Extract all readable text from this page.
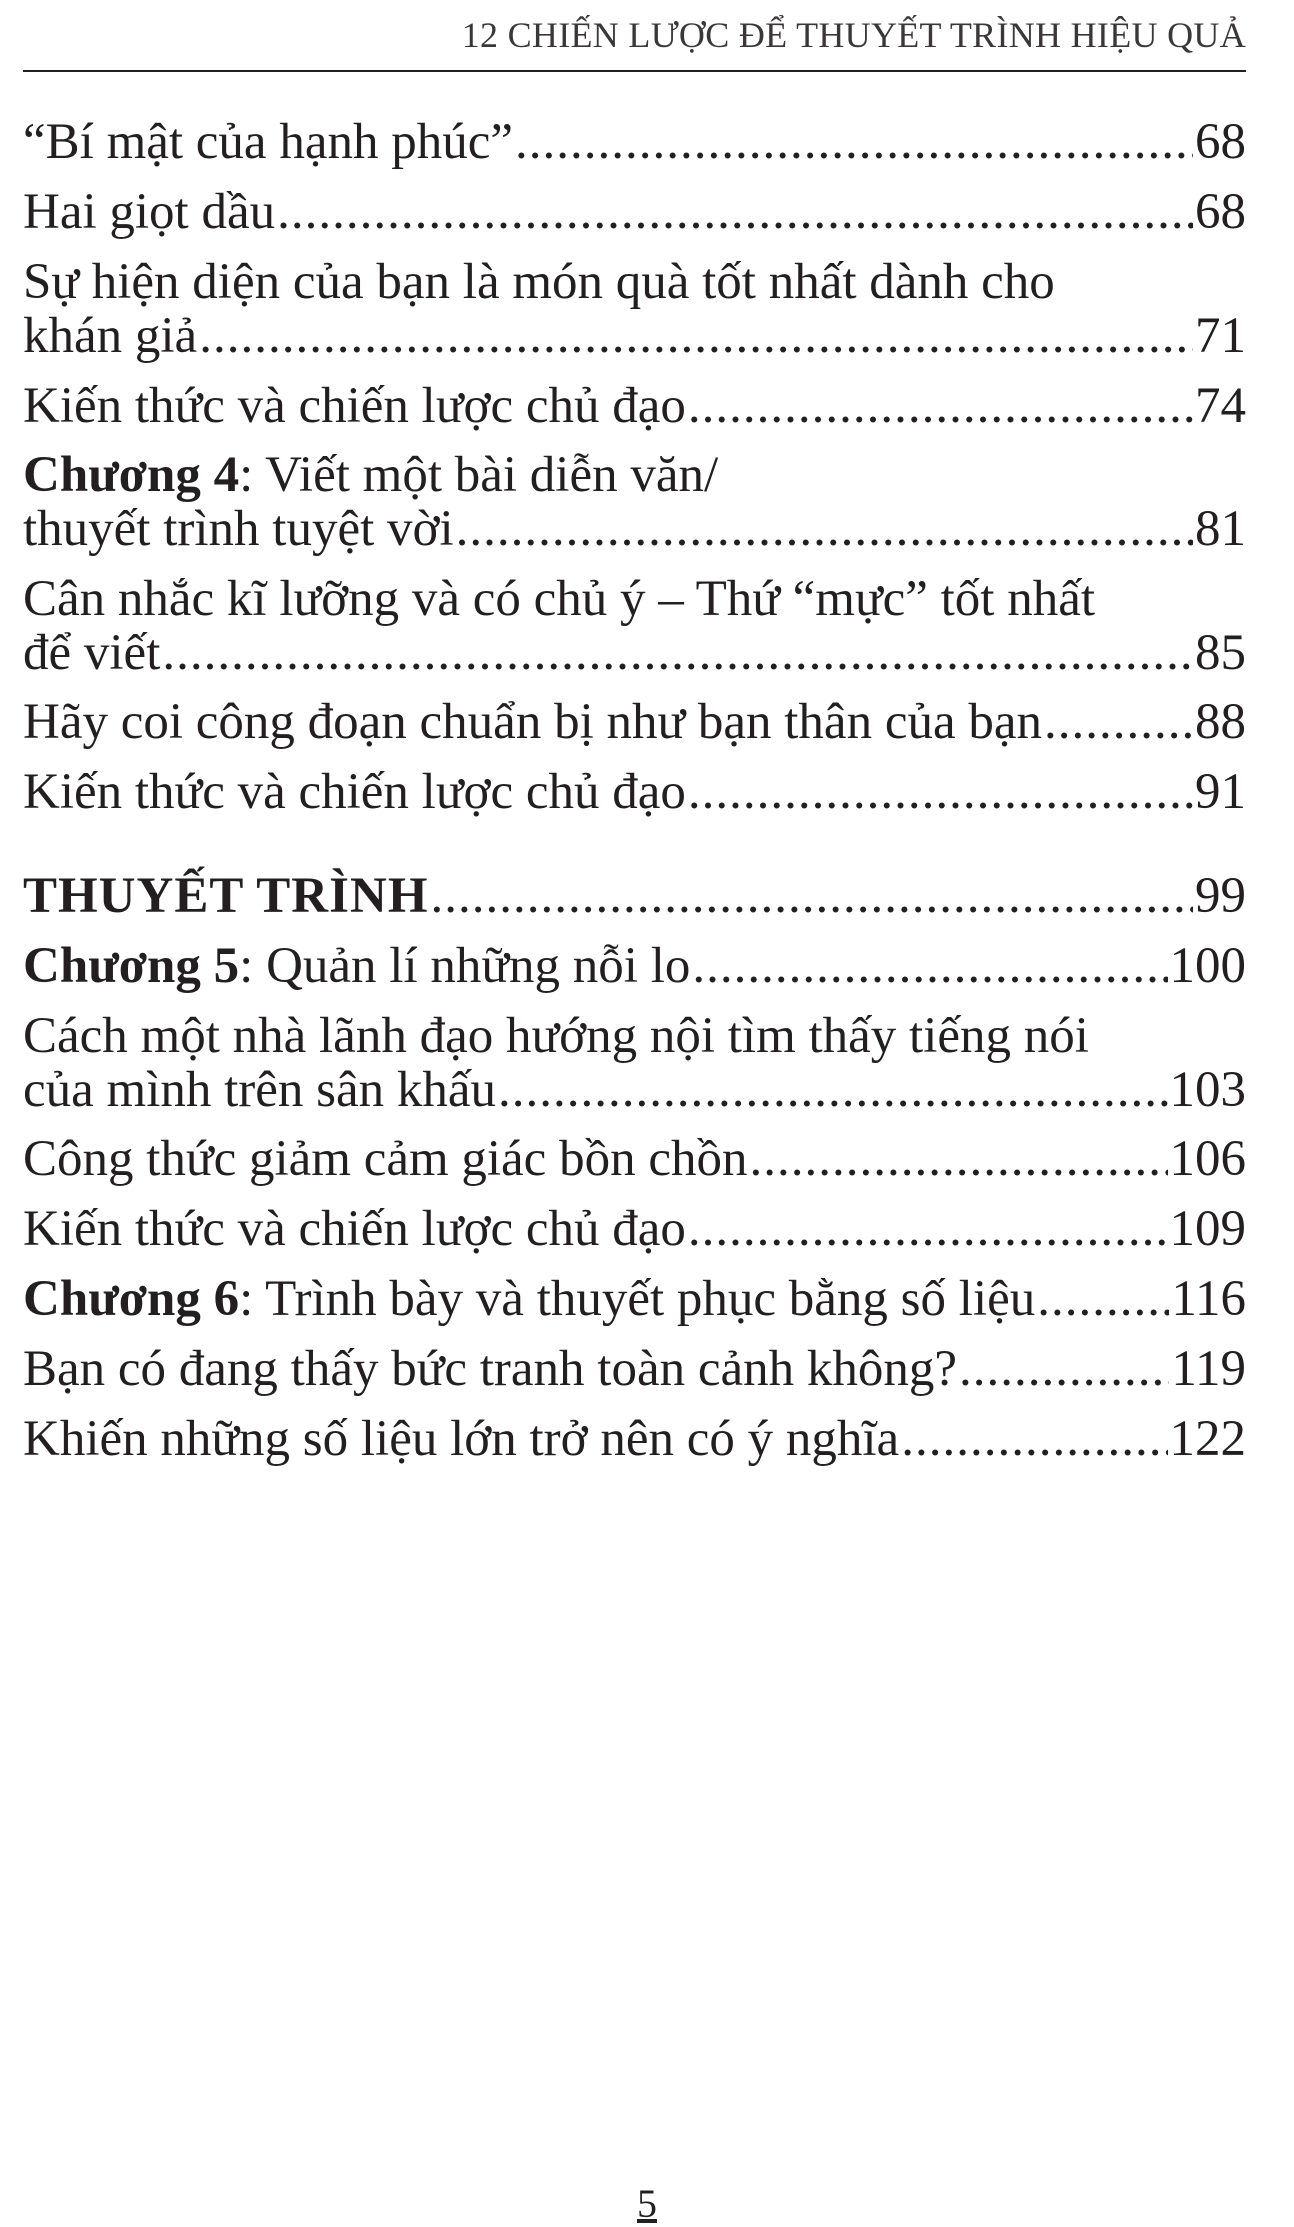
12 CHIẾN LƯỢC ĐỂ THUYẾT TRÌNH HIỆU QUẢ
“Bí mật của hạnh phúc” .....	68
Hai giọt dầu .....	68
Sự hiện diện của bạn là món quà tốt nhất dành cho
khán giả .....	71
Kiến thức và chiến lược chủ đạo .....	74
Chương 4: Viết một bài diễn văn/
thuyết trình tuyệt vời .....	81
Cân nhắc kĩ lưỡng và có chủ ý – Thứ “mực” tốt nhất
để viết .....	85
Hãy coi công đoạn chuẩn bị như bạn thân của bạn .....	88
Kiến thức và chiến lược chủ đạo .....	91
THUYẾT TRÌNH .....	99
Chương 5: Quản lí những nỗi lo .....	100
Cách một nhà lãnh đạo hướng nội tìm thấy tiếng nói
của mình trên sân khấu .....	103
Công thức giảm cảm giác bồn chồn .....	106
Kiến thức và chiến lược chủ đạo .....	109
Chương 6: Trình bày và thuyết phục bằng số liệu .....	116
Bạn có đang thấy bức tranh toàn cảnh không? .....	119
Khiến những số liệu lớn trở nên có ý nghĩa .....	122
5
